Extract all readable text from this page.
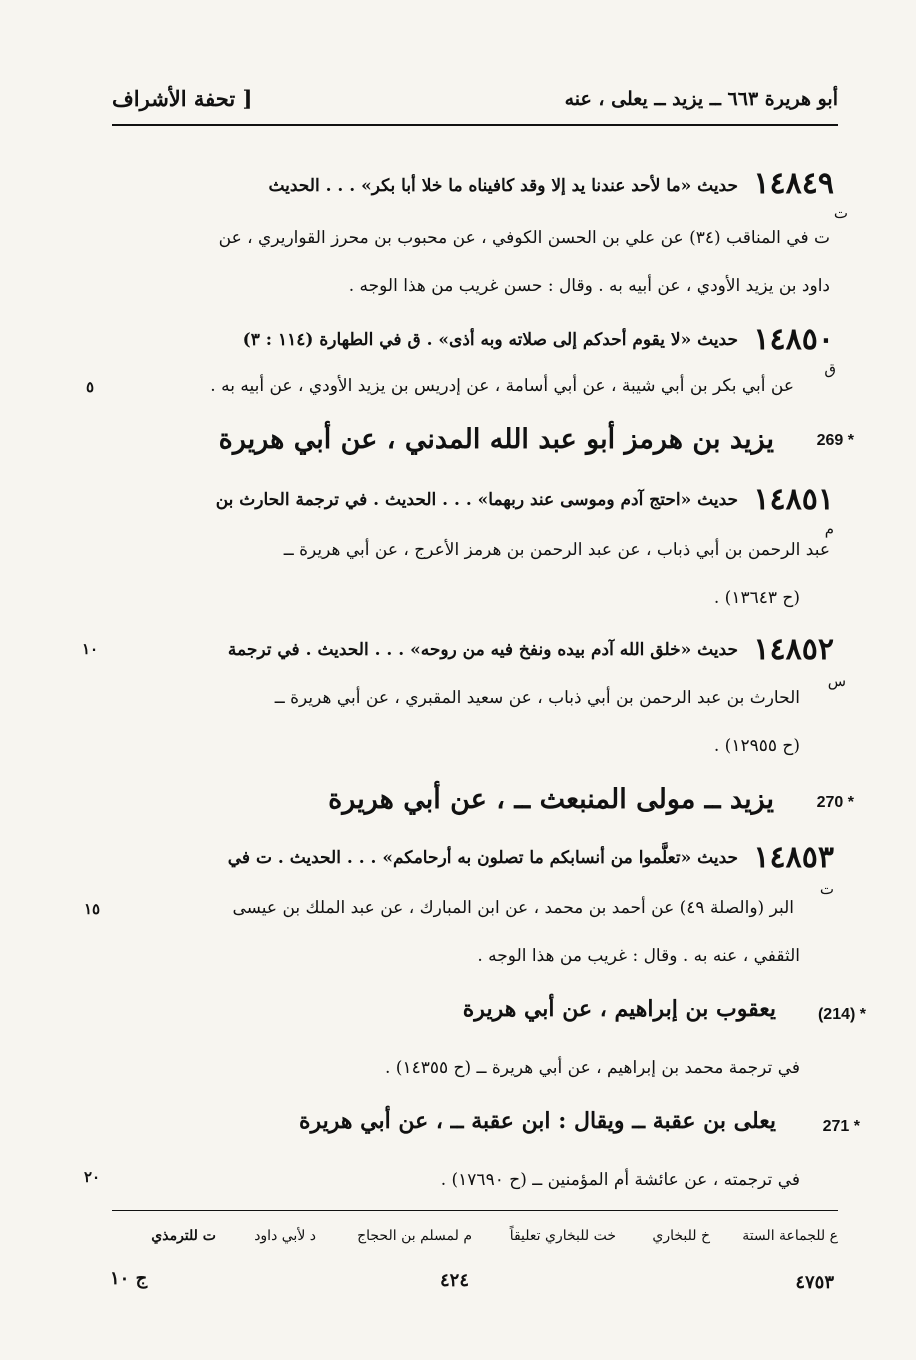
أبو هريرة ٦٦٣ ــ يزيد ــ يعلى ، عنه
[ تحفة الأشراف
١٤٨٤٩
حديث «ما لأحد عندنا يد إلا وقد كافيناه ما خلا أبا بكر» . . . الحديث
ت
ت في المناقب (٣٤) عن علي بن الحسن الكوفي ، عن محبوب بن محرز القواريري ، عن
داود بن يزيد الأودي ، عن أبيه به . وقال : حسن غريب من هذا الوجه .
١٤٨٥٠
حديث «لا يقوم أحدكم إلى صلاته وبه أذى» . ق في الطهارة (١١٤ : ٣)
ق
عن أبي بكر بن أبي شيبة ، عن أبي أسامة ، عن إدريس بن يزيد الأودي ، عن أبيه به .
٥
269 *
يزيد بن هرمز أبو عبد الله المدني ، عن أبي هريرة
١٤٨٥١
حديث «احتج آدم وموسى عند ربهما» . . . الحديث . في ترجمة الحارث بن
م
عبد الرحمن بن أبي ذباب ، عن عبد الرحمن بن هرمز الأعرج ، عن أبي هريرة ــ
(ح ١٣٦٤٣) .
١٤٨٥٢
حديث «خلق الله آدم بيده ونفخ فيه من روحه» . . . الحديث . في ترجمة
١٠
س
الحارث بن عبد الرحمن بن أبي ذباب ، عن سعيد المقبري ، عن أبي هريرة ــ
(ح ١٢٩٥٥) .
270 *
يزيد ــ مولى المنبعث ــ ، عن أبي هريرة
١٤٨٥٣
حديث «تعلَّموا من أنسابكم ما تصلون به أرحامكم» . . . الحديث . ت في
ت
البر (والصلة ٤٩) عن أحمد بن محمد ، عن ابن المبارك ، عن عبد الملك بن عيسى
١٥
الثقفي ، عنه به . وقال : غريب من هذا الوجه .
(214) *
يعقوب بن إبراهيم ، عن أبي هريرة
في ترجمة محمد بن إبراهيم ، عن أبي هريرة ــ (ح ١٤٣٥٥) .
271 *
يعلى بن عقبة ــ ويقال : ابن عقبة ــ ، عن أبي هريرة
في ترجمته ، عن عائشة أم المؤمنين ــ (ح ١٧٦٩٠) .
٢٠
ع للجماعة الستة
خ للبخاري
خت للبخاري تعليقاً
م لمسلم بن الحجاج
د لأبي داود
ت للترمذي
٤٧٥٣
٤٢٤
ج ١٠
